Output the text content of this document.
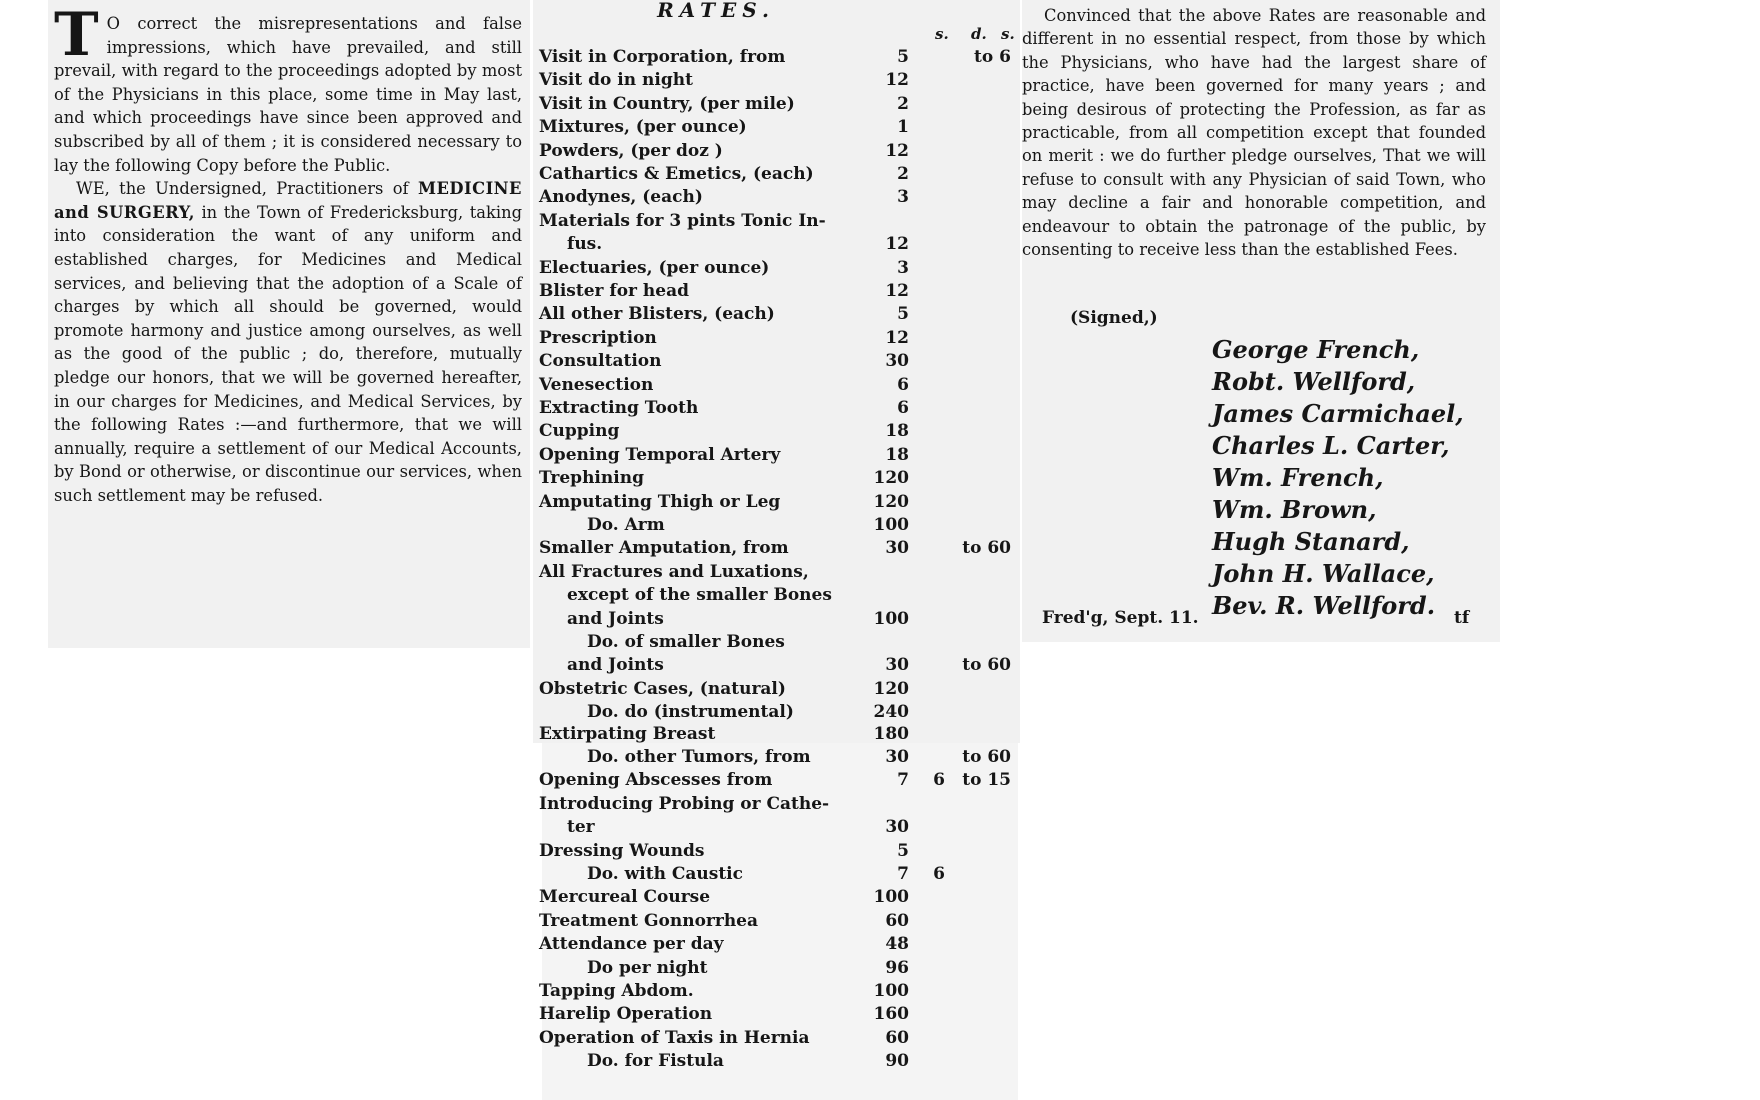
T O correct the misrepresentations and false impressions, which have prevailed, and still prevail, with regard to the proceedings adopted by most of the Physicians in this place, some time in May last, and which proceedings have since been approved and subscribed by all of them ; it is considered necessary to lay the following Copy before the Public.

WE, the Undersigned, Practitioners of MEDICINE and SURGERY, in the Town of Fredericksburg, taking into consideration the want of any uniform and established charges, for Medicines and Medical services, and believing that the adoption of a Scale of charges by which all should be governed, would promote harmony and justice among ourselves, as well as the good of the public ; do, therefore, mutually pledge our honors, that we will be governed hereafter, in our charges for Medicines, and Medical Services, by the following Rates :—and furthermore, that we will annually, require a settlement of our Medical Accounts, by Bond or otherwise, or discontinue our services, when such settlement may be refused.

RATES.
s. d. s.
Visit in Corporation, from	5	to 6
Visit do in night	12
Visit in Country, (per mile)	2
Mixtures, (per ounce)	1
Powders, (per doz )	12
Cathartics & Emetics, (each)	2
Anodynes, (each)	3
Materials for 3 pints Tonic In-
fus.	12
Electuaries, (per ounce)	3
Blister for head	12
All other Blisters, (each)	5
Prescription	12
Consultation	30
Venesection	6
Extracting Tooth	6
Cupping	18
Opening Temporal Artery	18
Trephining	120
Amputating Thigh or Leg	120
Do. Arm	100
Smaller Amputation, from	30	to 60
All Fractures and Luxations,
except of the smaller Bones
and Joints	100
Do. of smaller Bones
and Joints	30	to 60
Obstetric Cases, (natural)	120
Do. do (instrumental)	240
Extirpating Breast	180
Do. other Tumors, from	30	to 60
Opening Abscesses from	7	6	to 15
Introducing Probing or Cathe-
ter	30
Dressing Wounds	5
Do. with Caustic	7	6
Mercureal Course	100
Treatment Gonnorrhea	60
Attendance per day	48
Do per night	96
Tapping Abdom.	100
Harelip Operation	160
Operation of Taxis in Hernia	60
Do. for Fistula	90

Convinced that the above Rates are reasonable and different in no essential respect, from those by which the Physicians, who have had the largest share of practice, have been governed for many years ; and being desirous of protecting the Profession, as far as practicable, from all competition except that founded on merit : we do further pledge ourselves, That we will refuse to consult with any Physician of said Town, who may decline a fair and honorable competition, and endeavour to obtain the patronage of the public, by consenting to receive less than the established Fees.

(Signed,)
George French,
Robt. Wellford,
James Carmichael,
Charles L. Carter,
Wm. French,
Wm. Brown,
Hugh Stanard,
John H. Wallace,
Bev. R. Wellford.
Fred'g, Sept. 11.	tf
